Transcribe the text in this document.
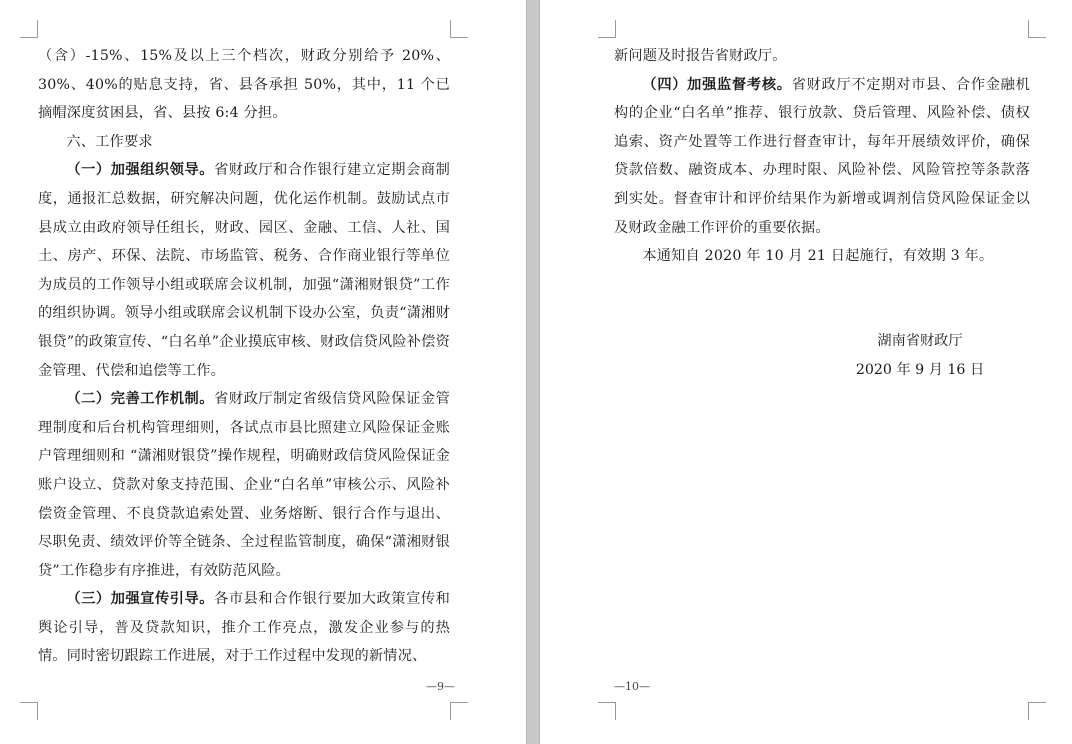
（含）-15%、15%及以上三个档次，财政分别给予 20%、30%、40%的贴息支持，省、县各承担 50%，其中，11 个已摘帽深度贫困县，省、县按 6:4 分担。

六、工作要求

（一）加强组织领导。省财政厅和合作银行建立定期会商制度，通报汇总数据，研究解决问题，优化运作机制。鼓励试点市县成立由政府领导任组长，财政、园区、金融、工信、人社、国土、房产、环保、法院、市场监管、税务、合作商业银行等单位为成员的工作领导小组或联席会议机制，加强“潇湘财银贷”工作的组织协调。领导小组或联席会议机制下设办公室，负责“潇湘财银贷”的政策宣传、“白名单”企业摸底审核、财政信贷风险补偿资金管理、代偿和追偿等工作。

（二）完善工作机制。省财政厅制定省级信贷风险保证金管理制度和后台机构管理细则，各试点市县比照建立风险保证金账户管理细则和 “潇湘财银贷”操作规程，明确财政信贷风险保证金账户设立、贷款对象支持范围、企业“白名单”审核公示、风险补偿资金管理、不良贷款追索处置、业务熔断、银行合作与退出、尽职免责、绩效评价等全链条、全过程监管制度，确保“潇湘财银贷”工作稳步有序推进，有效防范风险。

（三）加强宣传引导。各市县和合作银行要加大政策宣传和舆论引导，普及贷款知识，推介工作亮点，激发企业参与的热情。同时密切跟踪工作进展，对于工作过程中发现的新情况、

—9—

新问题及时报告省财政厅。

（四）加强监督考核。省财政厅不定期对市县、合作金融机构的企业“白名单”推荐、银行放款、贷后管理、风险补偿、债权追索、资产处置等工作进行督查审计，每年开展绩效评价，确保贷款倍数、融资成本、办理时限、风险补偿、风险管控等条款落到实处。督查审计和评价结果作为新增或调剂信贷风险保证金以及财政金融工作评价的重要依据。

本通知自 2020 年 10 月 21 日起施行，有效期 3 年。

湖南省财政厅
2020 年 9 月 16 日
—10—
